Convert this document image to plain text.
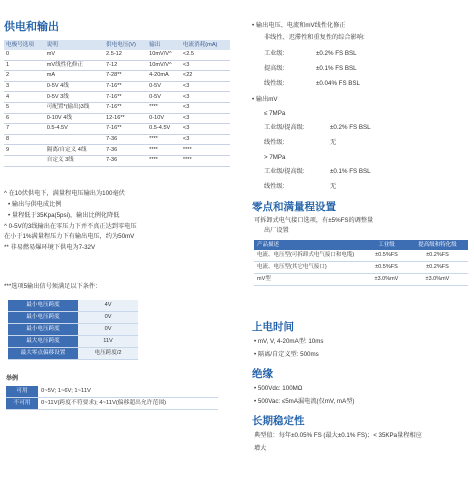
供电和输出
电极号选项	说明	供电电压(V)	输出	电流消耗(mA)
0	mV	2.5-12	10mV/V^	<2.5
1	mV线性化修正	7-12	10mV/V^	<3
2	mA	7-28**	4-20mA	<22
3	0-5V 4线	7-16**	0-5V	<3
4	0-5V 3线	7-16**	0-5V	<3
5	可配置*(输出)3线	7-16**	****	<3
6	0-10V 4线	12-16**	0-10V	<3
7	0.5-4.5V	7-16**	0.5-4.5V	<3
8		7-36	****	<3
9	隔离/自定义 4线	7-36	****	****
	自定义 3线	7-36	****	****
^ 在10伏供电下，满量程电压输出为100毫伏
• 输出与供电成比例
• 量程低于35Kpa(5psi)，输出比例化降低
^ 0-5V的3线输出在零压力下并不真正达到零电压
在小于1%满量程压力下有输出电压，约为50mV
** 非易燃易爆环境下供电为7-32V
***选项5输出信号须满足以下条件：
最小电压跨度	4V
最小电压跨度	0V
最小电压跨度	0V
最大电压跨度	11V
最大零点偏移设置	电压跨度/2
举例
可用	0~5V; 1~6V; 1~11V
不可用	0~11V(跨度不符要求); 4~11V(偏移超出允许范围)
• 输出电压、电流和mV线性化修正
非线性、迟滞性和重复性的综合影响:
工业级:	±0.2% FS BSL
提高级:	±0.1% FS BSL
线性级:	±0.04% FS BSL
• 输出mV
≤ 7MPa
工业级/提高级:	±0.2% FS BSL
线性级:	无
> 7MPa
工业级/提高级:	±0.1% FS BSL
线性级:	无
零点和满量程设置
可拆卸式电气接口选项，有±5%FS的调整量
出厂设置
产品描述	工业级	提高级和特化级
电流、电压型(可拆卸式电气接口和电缆)	±0.5%FS	±0.2%FS
电流、电压型(其它电气接口)	±0.5%FS	±0.2%FS
mV型	±3.0%mV	±3.0%mV
上电时间
• mV, V, 4-20mA型: 10ms
• 隔离/自定义型: 500ms
绝缘
• 500Vdc: 100MΩ
• 500Vac: ≤5mA漏电流(仅mV, mA型)
长期稳定性
典型值：每年±0.05% FS (最大±0.1% FS)；< 35KPa量程相应
增大
